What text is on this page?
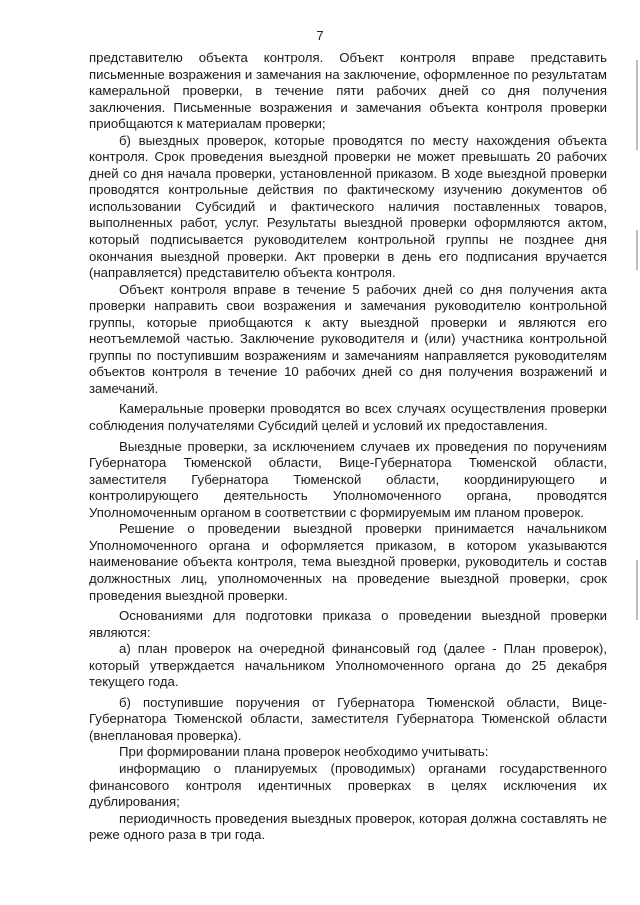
7

представителю объекта контроля. Объект контроля вправе представить письменные возражения и замечания на заключение, оформленное по результатам камеральной проверки, в течение пяти рабочих дней со дня получения заключения. Письменные возражения и замечания объекта контроля проверки приобщаются к материалам проверки;

б) выездных проверок, которые проводятся по месту нахождения объекта контроля. Срок проведения выездной проверки не может превышать 20 рабочих дней со дня начала проверки, установленной приказом. В ходе выездной проверки проводятся контрольные действия по фактическому изучению документов об использовании Субсидий и фактического наличия поставленных товаров, выполненных работ, услуг. Результаты выездной проверки оформляются актом, который подписывается руководителем контрольной группы не позднее дня окончания выездной проверки. Акт проверки в день его подписания вручается (направляется) представителю объекта контроля.

Объект контроля вправе в течение 5 рабочих дней со дня получения акта проверки направить свои возражения и замечания руководителю контрольной группы, которые приобщаются к акту выездной проверки и являются его неотъемлемой частью. Заключение руководителя и (или) участника контрольной группы по поступившим возражениям и замечаниям направляется руководителям объектов контроля в течение 10 рабочих дней со дня получения возражений и замечаний.

Камеральные проверки проводятся во всех случаях осуществления проверки соблюдения получателями Субсидий целей и условий их предоставления.

Выездные проверки, за исключением случаев их проведения по поручениям Губернатора Тюменской области, Вице-Губернатора Тюменской области, заместителя Губернатора Тюменской области, координирующего и контролирующего деятельность Уполномоченного органа, проводятся Уполномоченным органом в соответствии с формируемым им планом проверок.

Решение о проведении выездной проверки принимается начальником Уполномоченного органа и оформляется приказом, в котором указываются наименование объекта контроля, тема выездной проверки, руководитель и состав должностных лиц, уполномоченных на проведение выездной проверки, срок проведения выездной проверки.

Основаниями для подготовки приказа о проведении выездной проверки являются:

а) план проверок на очередной финансовый год (далее - План проверок), который утверждается начальником Уполномоченного органа до 25 декабря текущего года.

б) поступившие поручения от Губернатора Тюменской области, Вице-Губернатора Тюменской области, заместителя Губернатора Тюменской области (внеплановая проверка).

При формировании плана проверок необходимо учитывать:

информацию о планируемых (проводимых) органами государственного финансового контроля идентичных проверках в целях исключения их дублирования;

периодичность проведения выездных проверок, которая должна составлять не реже одного раза в три года.
